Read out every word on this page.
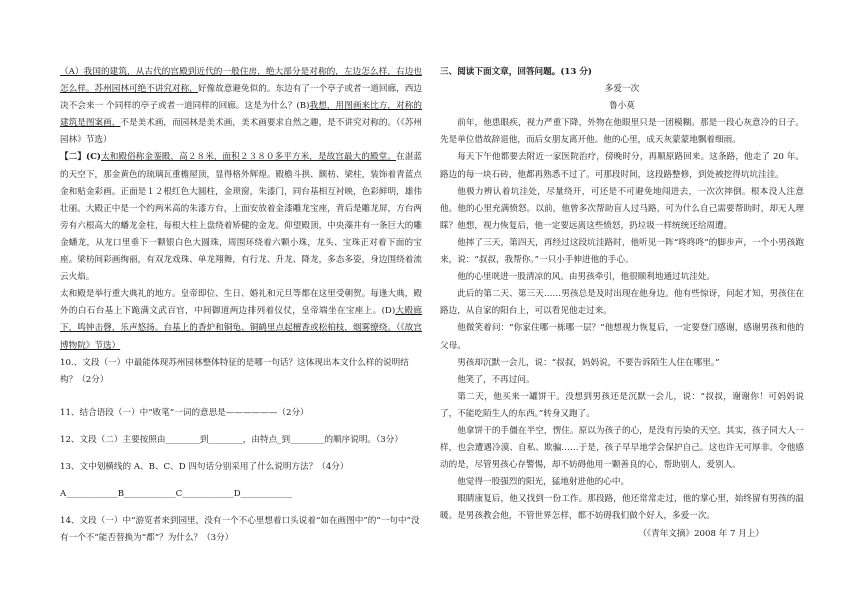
（A）我国的建筑，从古代的宫殿到近代的一般住房，绝大部分是对称的，左边怎么样，右边也怎么样。苏州园林可绝不讲究对称，好像故意避免似的。东边有了一个亭子或者一道回廊，西边决不会来一 个同样的亭子或者一道同样的回廊。这是为什么？(B)我想，用图画来比方，对称的建筑是图案画，不是美术画，而园林是美术画，美术画要求自然之趣，是不讲究对称的。（《苏州园林》节选）

【二】(C)太和殿俗称金銮殿，高２８米，面积２３８０多平方米，是故宫最大的殿堂。在湛蓝的天空下，那金黄色的琉璃瓦重檐屋顶，显得格外辉煌。殿檐斗拱、额枋、梁柱，装饰着青蓝点金和贴金彩画。正面是１２根红色大圆柱，金琐窗，朱漆门，同台基相互衬映，色彩鲜明，雄伟壮丽。大殿正中是一个约两米高的朱漆方台，上面安放着金漆雕龙宝座，背后是雕龙屏，方台两旁有六根高大的蟠龙金柱，每根大柱上盘绕着矫健的金龙。仰望殿顶，中央藻井有一条巨大的雕金蟠龙，从龙口里垂下一颗银白色大圆珠，周围环绕着六颗小珠，龙头、宝珠正对着下面的宝座。梁枋间彩画绚丽，有双龙戏珠、单龙翔舞，有行龙、升龙、降龙，多态多姿，身边围绕着流云火焰。

太和殿是举行重大典礼的地方。皇帝即位、生日、婚礼和元旦等都在这里受朝贺。每逢大典，殿外的白石台基上下跪满文武百官，中间御道两边排列着仪仗，皇帝端坐在宝座上。(D)大殿廊下，鸣钟击磬，乐声悠扬。台基上的香炉和铜龟、铜鹤里点起檀香或松柏枝，烟雾缭绕。（《故宫博物院》节选）

10.、文段（一）中最能体现苏州园林整体特征的是哪一句话？这体现出本文什么样的说明结构？（2分）

11、结合语段（一）中“败笔”一词的意思是——————（2分）

12、文段（二）主要按照由________到________，由特点_到________的顺序说明。（3分）

13、文中划横线的 A、B、C、D 四句话分别采用了什么说明方法？（4分）

A____________B____________C____________D____________

14、文段（一）中“游览者来到园里，没有一个不心里想着口头说着“如在画图中”的“一句中“没有一个不”能否替换为“都”？为什么？（3分）

三、阅读下面文章，回答问题。(13 分)

多爱一次

鲁小莫

前年，他患眼疾，视力严重下降，外物在他眼里只是一团模糊。那是一段心灰意冷的日子。先是单位借故辞退他，而后女朋友离开他。他的心里，成天灰蒙蒙地飘着细雨。

每天下午他都要去附近一家医院治疗，傍晚时分，再顺原路回来。这条路，他走了 20 年。路边的每一块石砖，他都再熟悉不过了。可那段时间，这段路整修，到处被挖得坑坑洼洼。

他极力辨认着坑洼处，尽量绕开，可还是不可避免地闯进去，一次次摔倒。根本没人注意他。他的心里充满愤怒。以前，他曾多次帮助盲人过马路，可为什么自己需要帮助时，却无人理睬？他想，视力恢复后，他一定要远离这些愤怒，扔垃圾一样统统还给周遭。

他摔了三天，第四天，再经过这段坑洼路时，他听见一阵“咚咚咚”的脚步声，一个小男孩跑来，说：“叔叔，我帮你。”一只小手伸进他的手心。

他的心里咣进一股清凉的风。由男孩牵引，他很顺利地通过坑洼处。

此后的第二天、第三天……男孩总是及时出现在他身边。他有些惊讶，问起才知，男孩住在路边，从自家的阳台上，可以看见他走过来。

他微笑着问：“你家住哪一栋哪一层？”他想视力恢复后，一定要登门感谢，感谢男孩和他的父母。

男孩却沉默一会儿，说：“叔叔，妈妈说，不要告诉陌生人住在哪里。”

他笑了，不再过问。

第二天，他买来一罐饼干。没想到男孩还是沉默一会儿，说：“叔叔，谢谢你！可妈妈说了，不能吃陌生人的东西。”转身又跑了。

他拿饼干的手僵在半空，愣住。原以为孩子的心，是没有污染的天空。其实，孩子同大人一样，也会遭遇冷漠、自私、欺骗……于是，孩子早早地学会保护自己。这也许无可厚非。令他感动的是，尽管男孩心存警惕，却不妨碍他用一颗善良的心，帮助别人，爱别人。

他觉得一股强烈的阳光，猛地射进他的心中。

眼睛康复后，他又找到一份工作。那段路，他还常常走过，他的掌心里，始终留有男孩的温暖。是男孩教会他，不管世界怎样，都不妨碍我们做个好人，多爱一次。

（《青年文摘》2008 年 7 月上）
